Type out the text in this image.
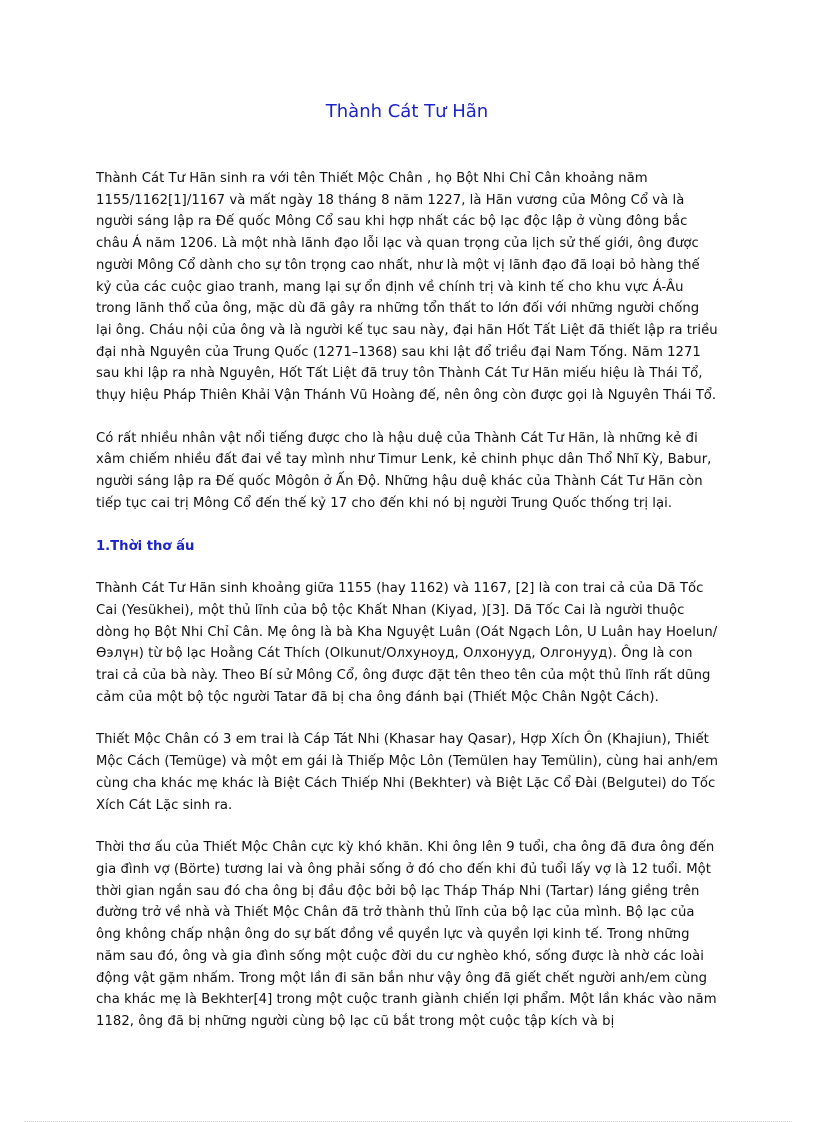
Thành Cát Tư Hãn

Thành Cát Tư Hãn sinh ra với tên Thiết Mộc Chân , họ Bột Nhi Chỉ Cân khoảng năm 1155/1162[1]/1167 và mất ngày 18 tháng 8 năm 1227, là Hãn vương của Mông Cổ và là người sáng lập ra Đế quốc Mông Cổ sau khi hợp nhất các bộ lạc độc lập ở vùng đông bắc châu Á năm 1206. Là một nhà lãnh đạo lỗi lạc và quan trọng của lịch sử thế giới, ông được người Mông Cổ dành cho sự tôn trọng cao nhất, như là một vị lãnh đạo đã loại bỏ hàng thế kỷ của các cuộc giao tranh, mang lại sự ổn định về chính trị và kinh tế cho khu vực Á-Âu trong lãnh thổ của ông, mặc dù đã gây ra những tổn thất to lớn đối với những người chống lại ông. Cháu nội của ông và là người kế tục sau này, đại hãn Hốt Tất Liệt đã thiết lập ra triều đại nhà Nguyên của Trung Quốc (1271–1368) sau khi lật đổ triều đại Nam Tống. Năm 1271 sau khi lập ra nhà Nguyên, Hốt Tất Liệt đã truy tôn Thành Cát Tư Hãn miếu hiệu là Thái Tổ, thụy hiệu Pháp Thiên Khải Vận Thánh Vũ Hoàng đế, nên ông còn được gọi là Nguyên Thái Tổ.

Có rất nhiều nhân vật nổi tiếng được cho là hậu duệ của Thành Cát Tư Hãn, là những kẻ đi xâm chiếm nhiều đất đai về tay mình như Timur Lenk, kẻ chinh phục dân Thổ Nhĩ Kỳ, Babur, người sáng lập ra Đế quốc Môgôn ở Ấn Độ. Những hậu duệ khác của Thành Cát Tư Hãn còn tiếp tục cai trị Mông Cổ đến thế kỷ 17 cho đến khi nó bị người Trung Quốc thống trị lại.

1.Thời thơ ấu

Thành Cát Tư Hãn sinh khoảng giữa 1155 (hay 1162) và 1167, [2] là con trai cả của Dã Tốc Cai (Yesükhei), một thủ lĩnh của bộ tộc Khất Nhan (Kiyad, )[3]. Dã Tốc Cai là người thuộc dòng họ Bột Nhi Chỉ Cân. Mẹ ông là bà Kha Nguyệt Luân (Oát Ngạch Lôn, U Luân hay Hoelun/Өэлүн) từ bộ lạc Hoằng Cát Thích (Olkunut/Олхуноуд, Олхонууд, Олгонууд). Ông là con trai cả của bà này. Theo Bí sử Mông Cổ, ông được đặt tên theo tên của một thủ lĩnh rất dũng cảm của một bộ tộc người Tatar đã bị cha ông đánh bại (Thiết Mộc Chân Ngột Cách).

Thiết Mộc Chân có 3 em trai là Cáp Tát Nhi (Khasar hay Qasar), Hợp Xích Ôn (Khajiun), Thiết Mộc Cách (Temüge) và một em gái là Thiếp Mộc Lôn (Temülen hay Temülin), cùng hai anh/em cùng cha khác mẹ khác là Biệt Cách Thiếp Nhi (Bekhter) và Biệt Lặc Cổ Đài (Belgutei) do Tốc Xích Cát Lặc sinh ra.

Thời thơ ấu của Thiết Mộc Chân cực kỳ khó khăn. Khi ông lên 9 tuổi, cha ông đã đưa ông đến gia đình vợ (Börte) tương lai và ông phải sống ở đó cho đến khi đủ tuổi lấy vợ là 12 tuổi. Một thời gian ngắn sau đó cha ông bị đầu độc bởi bộ lạc Tháp Tháp Nhi (Tartar) láng giềng trên đường trở về nhà và Thiết Mộc Chân đã trở thành thủ lĩnh của bộ lạc của mình. Bộ lạc của ông không chấp nhận ông do sự bất đồng về quyền lực và quyền lợi kinh tế. Trong những năm sau đó, ông và gia đình sống một cuộc đời du cư nghèo khó, sống được là nhờ các loài động vật gặm nhấm. Trong một lần đi săn bắn như vậy ông đã giết chết người anh/em cùng cha khác mẹ là Bekhter[4] trong một cuộc tranh giành chiến lợi phẩm. Một lần khác vào năm 1182, ông đã bị những người cùng bộ lạc cũ bắt trong một cuộc tập kích và bị
